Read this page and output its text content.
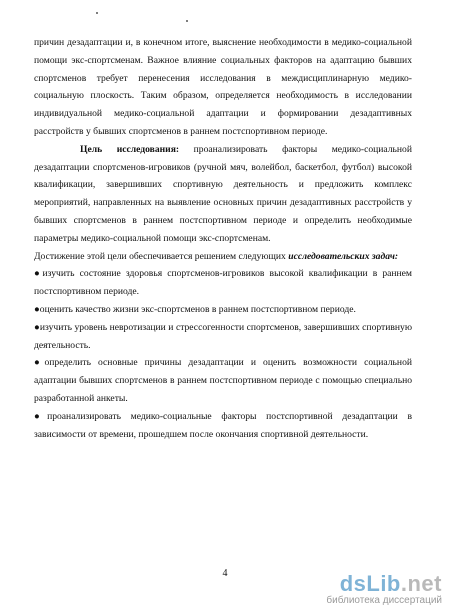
причин дезадаптации и, в конечном итоге, выяснение необходимости в медико-социальной помощи экс-спортсменам. Важное влияние социальных факторов на адаптацию бывших спортсменов требует перенесения исследования в междисциплинарную медико-социальную плоскость. Таким образом, определяется необходимость в исследовании индивидуальной медико-социальной адаптации и формировании дезадаптивных расстройств у бывших спортсменов в раннем постспортивном периоде.

Цель исследования: проанализировать факторы медико-социальной дезадаптации спортсменов-игровиков (ручной мяч, волейбол, баскетбол, футбол) высокой квалификации, завершивших спортивную деятельность и предложить комплекс мероприятий, направленных на выявление основных причин дезадаптивных расстройств у бывших спортсменов в раннем постспортивном периоде и определить необходимые параметры медико-социальной помощи экс-спортсменам.

Достижение этой цели обеспечивается решением следующих исследовательских задач:

●изучить состояние здоровья спортсменов-игровиков высокой квалификации в раннем постспортивном периоде.

●оценить качество жизни экс-спортсменов в раннем постспортивном периоде.

●изучить уровень невротизации и стрессогенности спортсменов, завершивших спортивную деятельность.

●определить основные причины дезадаптации и оценить возможности социальной адаптации бывших спортсменов в раннем постспортивном периоде с помощью специально разработанной анкеты.

●проанализировать медико-социальные факторы постспортивной дезадаптации в зависимости от времени, прошедшем после окончания спортивной деятельности.

4	dsLib.net
библиотека диссертаций
